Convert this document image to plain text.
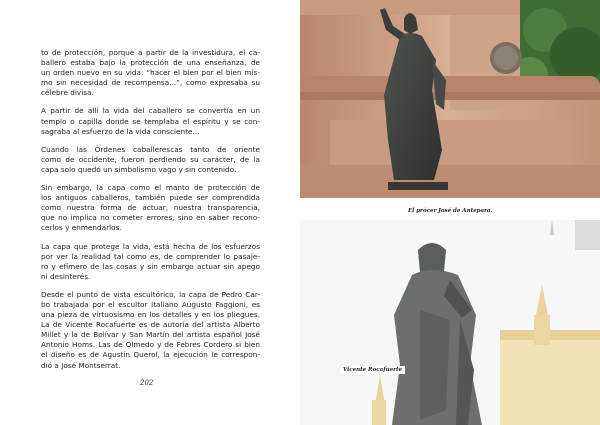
to de protección, porque a partir de la investidura, el ca-
ballero estaba bajo la protección de una enseñanza, de
un orden nuevo en su vida: “hacer el bien por el bien mis-
mo sin necesidad de recompensa...”, como expresaba su
célebre divisa.

A partir de allí la vida del caballero se convertía en un
templo o capilla donde se templaba el espíritu y se con-
sagraba al esfuerzo de la vida consciente…

Cuando las Órdenes caballerescas tanto de oriente
como de occidente, fueron perdiendo su carácter, de la
capa solo quedó un simbolismo vago y sin contenido.

Sin embargo, la capa como el manto de protección de
los antiguos caballeros, también puede ser comprendida
como nuestra forma de actuar, nuestra transparencia,
que no implica no cometer errores, sino en saber recono-
cerlos y enmendarlos.

La capa que protege la vida, está hecha de los esfuerzos
por ver la realidad tal como es, de comprender lo pasaje-
ro y efímero de las cosas y sin embargo actuar sin apego
ni desinterés.

Desde el punto de vista escultórico, la capa de Pedro Car-
bo trabajada por el escultor italiano Augusto Faggioni, es
una pieza de virtuosismo en los detalles y en los pliegues.
La de Vicente Rocafuerte es de autoría del artista Alberto
Millet y la de Bolívar y San Martín del artista español José
Antonio Homs. Las de Olmedo y de Febres Cordero si bien
el diseño es de Agustín Querol, la ejecución le correspon-
dió a José Montserrat.

202
El prócer José de Antepara.
Vicente Rocafuerte
